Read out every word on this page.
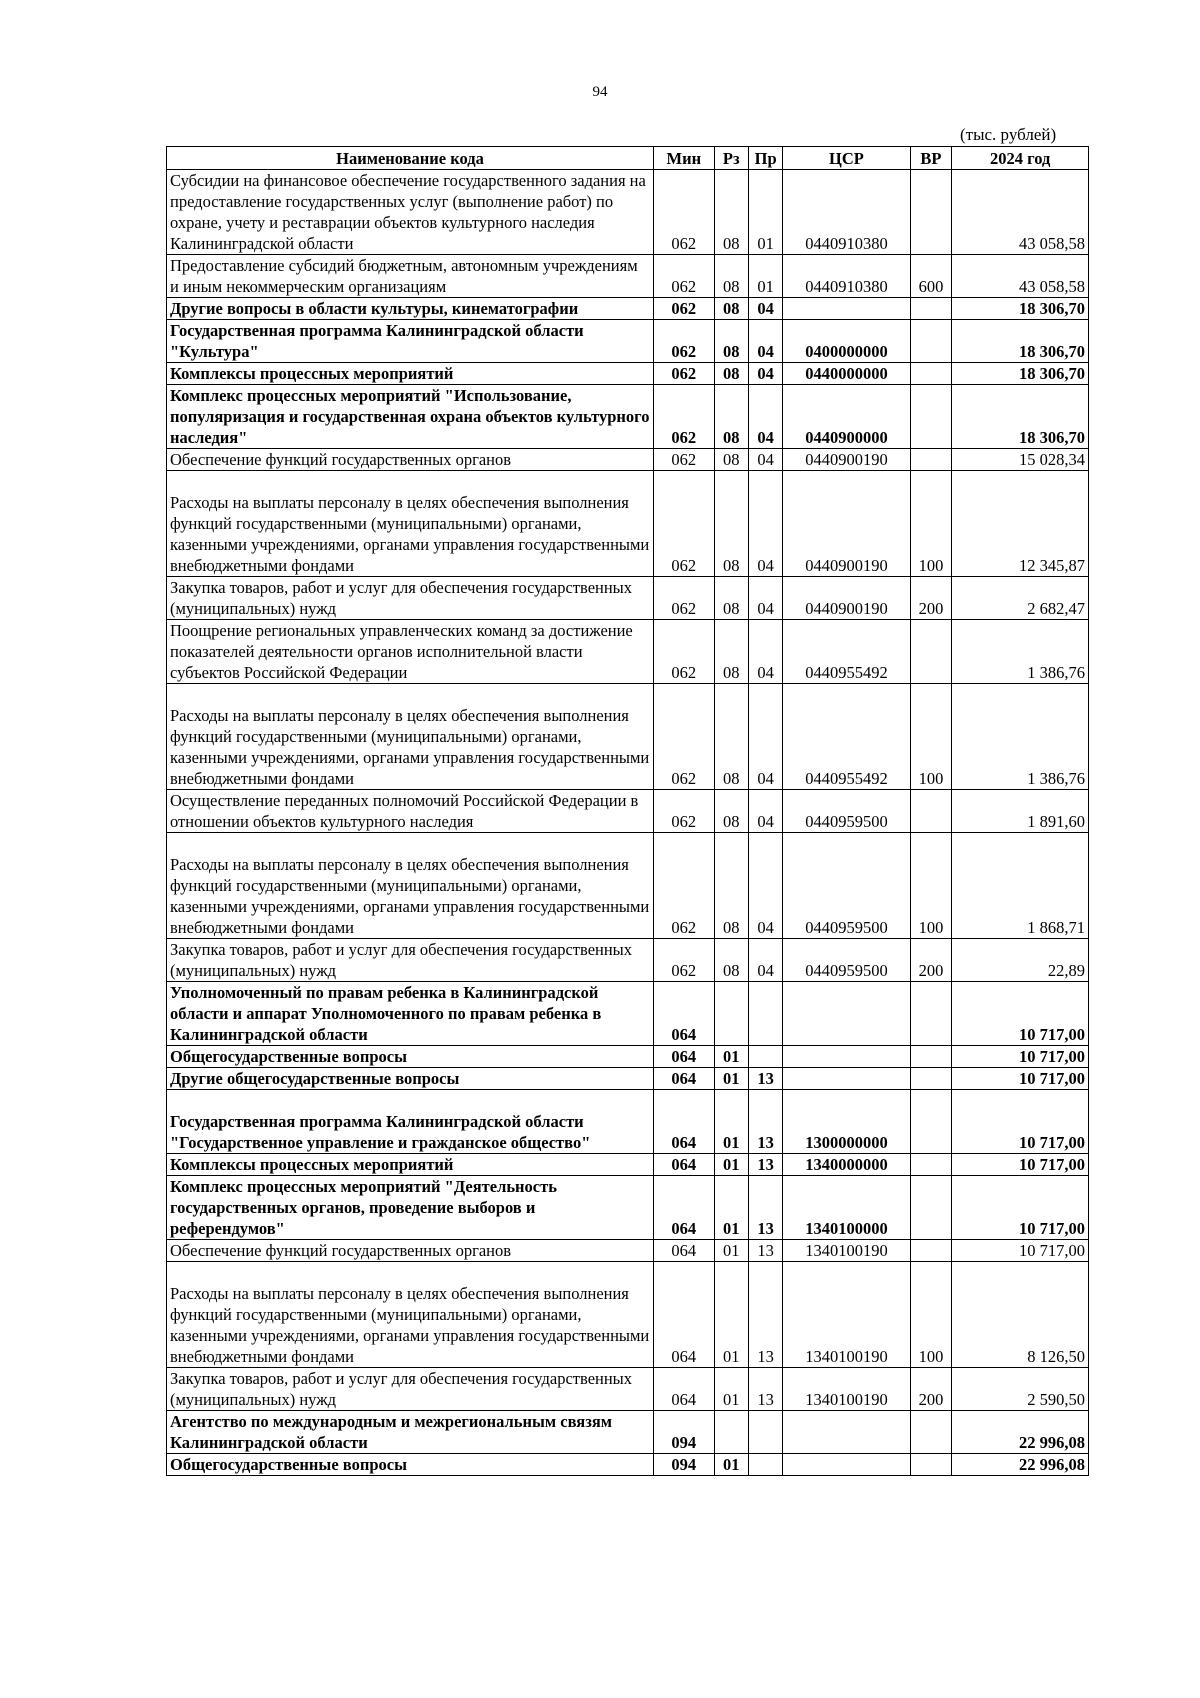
94
(тыс. рублей)
Наименование кода	Мин	Рз	Пр	ЦСР	ВР	2024 год
Субсидии на финансовое обеспечение государственного задания на предоставление государственных услуг (выполнение работ) по охране, учету и реставрации объектов культурного наследия Калининградской области	062	08	01	0440910380		43 058,58
Предоставление субсидий бюджетным, автономным учреждениям и иным некоммерческим организациям	062	08	01	0440910380	600	43 058,58
Другие вопросы в области культуры, кинематографии	062	08	04			18 306,70
Государственная программа Калининградской области "Культура"	062	08	04	0400000000		18 306,70
Комплексы процессных мероприятий	062	08	04	0440000000		18 306,70
Комплекс процессных мероприятий "Использование, популяризация и государственная охрана объектов культурного наследия"	062	08	04	0440900000		18 306,70
Обеспечение функций государственных органов	062	08	04	0440900190		15 028,34
Расходы на выплаты персоналу в целях обеспечения выполнения функций государственными (муниципальными) органами, казенными учреждениями, органами управления государственными внебюджетными фондами	062	08	04	0440900190	100	12 345,87
Закупка товаров, работ и услуг для обеспечения государственных (муниципальных) нужд	062	08	04	0440900190	200	2 682,47
Поощрение региональных управленческих команд за достижение показателей деятельности органов исполнительной власти субъектов Российской Федерации	062	08	04	0440955492		1 386,76
Расходы на выплаты персоналу в целях обеспечения выполнения функций государственными (муниципальными) органами, казенными учреждениями, органами управления государственными внебюджетными фондами	062	08	04	0440955492	100	1 386,76
Осуществление переданных полномочий Российской Федерации в отношении объектов культурного наследия	062	08	04	0440959500		1 891,60
Расходы на выплаты персоналу в целях обеспечения выполнения функций государственными (муниципальными) органами, казенными учреждениями, органами управления государственными внебюджетными фондами	062	08	04	0440959500	100	1 868,71
Закупка товаров, работ и услуг для обеспечения государственных (муниципальных) нужд	062	08	04	0440959500	200	22,89
Уполномоченный по правам ребенка в Калининградской области и аппарат Уполномоченного по правам ребенка в Калининградской области	064					10 717,00
Общегосударственные вопросы	064	01				10 717,00
Другие общегосударственные вопросы	064	01	13			10 717,00
Государственная программа Калининградской области "Государственное управление и гражданское общество"	064	01	13	1300000000		10 717,00
Комплексы процессных мероприятий	064	01	13	1340000000		10 717,00
Комплекс процессных мероприятий "Деятельность государственных органов, проведение выборов и референдумов"	064	01	13	1340100000		10 717,00
Обеспечение функций государственных органов	064	01	13	1340100190		10 717,00
Расходы на выплаты персоналу в целях обеспечения выполнения функций государственными (муниципальными) органами, казенными учреждениями, органами управления государственными внебюджетными фондами	064	01	13	1340100190	100	8 126,50
Закупка товаров, работ и услуг для обеспечения государственных (муниципальных) нужд	064	01	13	1340100190	200	2 590,50
Агентство по международным и межрегиональным связям Калининградской области	094					22 996,08
Общегосударственные вопросы	094	01				22 996,08
